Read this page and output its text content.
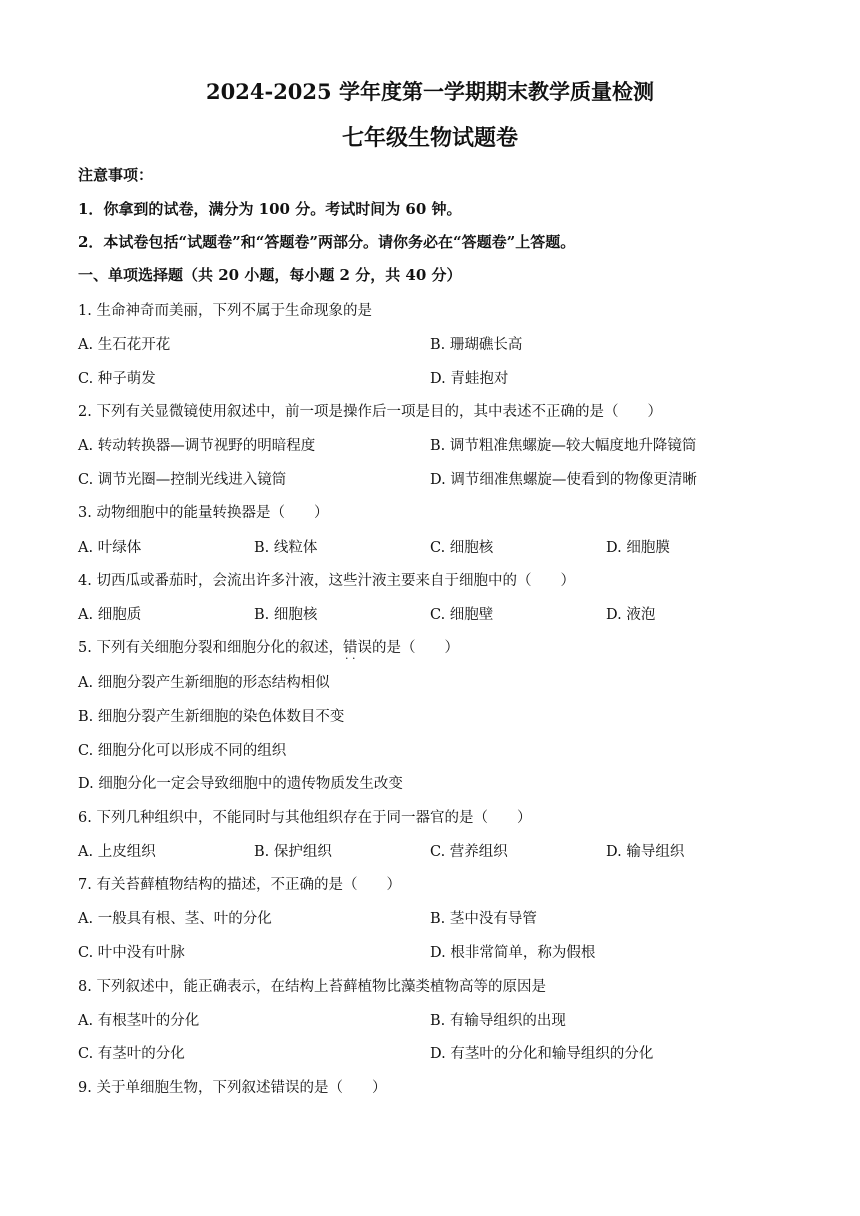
2024-2025 学年度第一学期期末教学质量检测
七年级生物试题卷
注意事项：
1．你拿到的试卷，满分为 100 分。考试时间为 60 钟。
2．本试卷包括“试题卷”和“答题卷”两部分。请你务必在“答题卷”上答题。
一、单项选择题（共 20 小题，每小题 2 分，共 40 分）
1. 生命神奇而美丽，下列不属于生命现象的是
A. 生石花开花	B. 珊瑚礁长高
C. 种子萌发	D. 青蛙抱对
2. 下列有关显微镜使用叙述中，前一项是操作后一项是目的，其中表述不正确的是（　　）
A. 转动转换器—调节视野的明暗程度	B. 调节粗准焦螺旋—较大幅度地升降镜筒
C. 调节光圈—控制光线进入镜筒	D. 调节细准焦螺旋—使看到的物像更清晰
3. 动物细胞中的能量转换器是（　　）
A. 叶绿体	B. 线粒体	C. 细胞核	D. 细胞膜
4. 切西瓜或番茄时，会流出许多汁液，这些汁液主要来自于细胞中的（　　）
A. 细胞质	B. 细胞核	C. 细胞壁	D. 液泡
5. 下列有关细胞分裂和细胞分化的叙述，错误 · ·的是（　　）
A. 细胞分裂产生新细胞的形态结构相似
B. 细胞分裂产生新细胞的染色体数目不变
C. 细胞分化可以形成不同的组织
D. 细胞分化一定会导致细胞中的遗传物质发生改变
6. 下列几种组织中，不能同时与其他组织存在于同一器官的是（　　）
A. 上皮组织	B. 保护组织	C. 营养组织	D. 输导组织
7. 有关苔藓植物结构的描述，不正确的是（　　）
A. 一般具有根、茎、叶的分化	B. 茎中没有导管
C. 叶中没有叶脉	D. 根非常简单，称为假根
8. 下列叙述中，能正确表示，在结构上苔藓植物比藻类植物高等的原因是
A. 有根茎叶的分化	B. 有输导组织的出现
C. 有茎叶的分化	D. 有茎叶的分化和输导组织的分化
9. 关于单细胞生物，下列叙述错误的是（　　）
